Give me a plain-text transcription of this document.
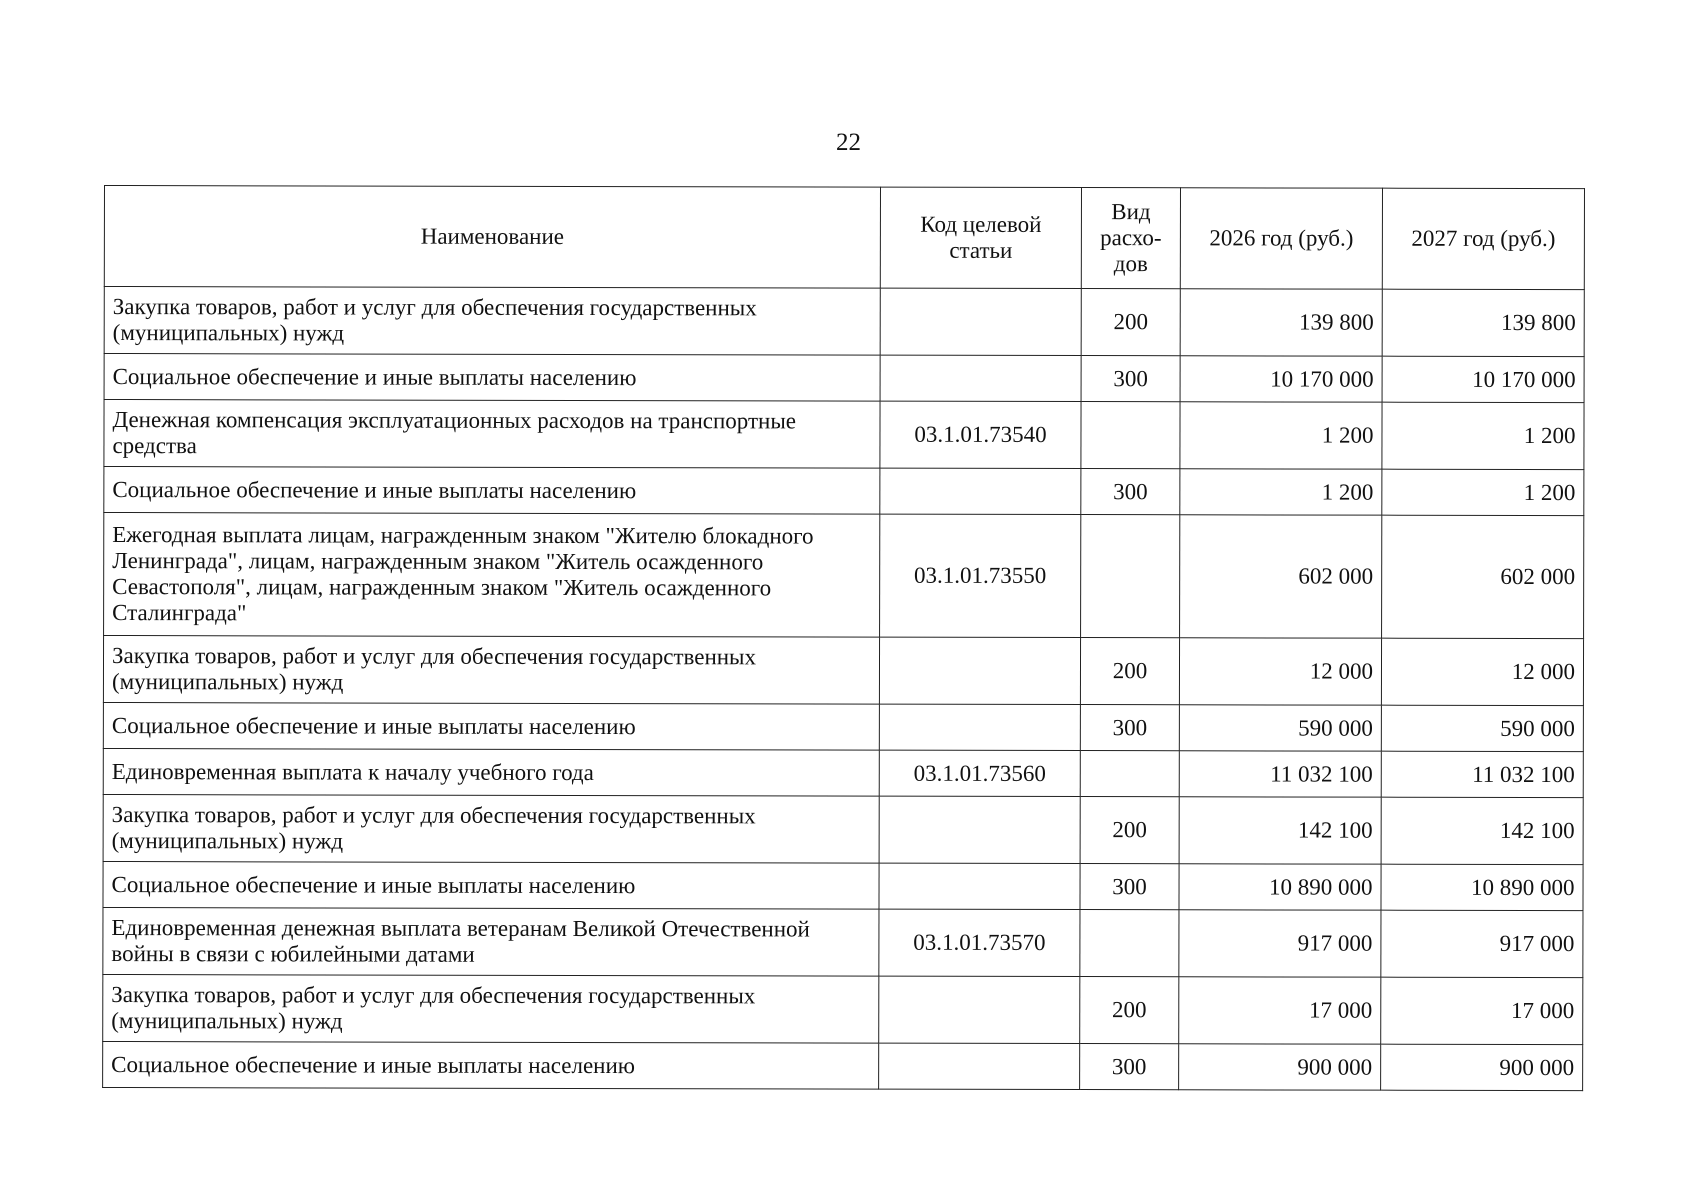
22
Наименование	Код целевой статьи	Вид расхо-дов	2026 год (руб.)	2027 год (руб.)
Закупка товаров, работ и услуг для обеспечения государственных (муниципальных) нужд		200	139 800	139 800
Социальное обеспечение и иные выплаты населению		300	10 170 000	10 170 000
Денежная компенсация эксплуатационных расходов на транспортные средства	03.1.01.73540		1 200	1 200
Социальное обеспечение и иные выплаты населению		300	1 200	1 200
Ежегодная выплата лицам, награжденным знаком "Жителю блокадного Ленинграда", лицам, награжденным знаком "Житель осажденного Севастополя", лицам, награжденным знаком "Житель осажденного Сталинграда"	03.1.01.73550		602 000	602 000
Закупка товаров, работ и услуг для обеспечения государственных (муниципальных) нужд		200	12 000	12 000
Социальное обеспечение и иные выплаты населению		300	590 000	590 000
Единовременная выплата к началу учебного года	03.1.01.73560		11 032 100	11 032 100
Закупка товаров, работ и услуг для обеспечения государственных (муниципальных) нужд		200	142 100	142 100
Социальное обеспечение и иные выплаты населению		300	10 890 000	10 890 000
Единовременная денежная выплата ветеранам Великой Отечественной войны в связи с юбилейными датами	03.1.01.73570		917 000	917 000
Закупка товаров, работ и услуг для обеспечения государственных (муниципальных) нужд		200	17 000	17 000
Социальное обеспечение и иные выплаты населению		300	900 000	900 000
